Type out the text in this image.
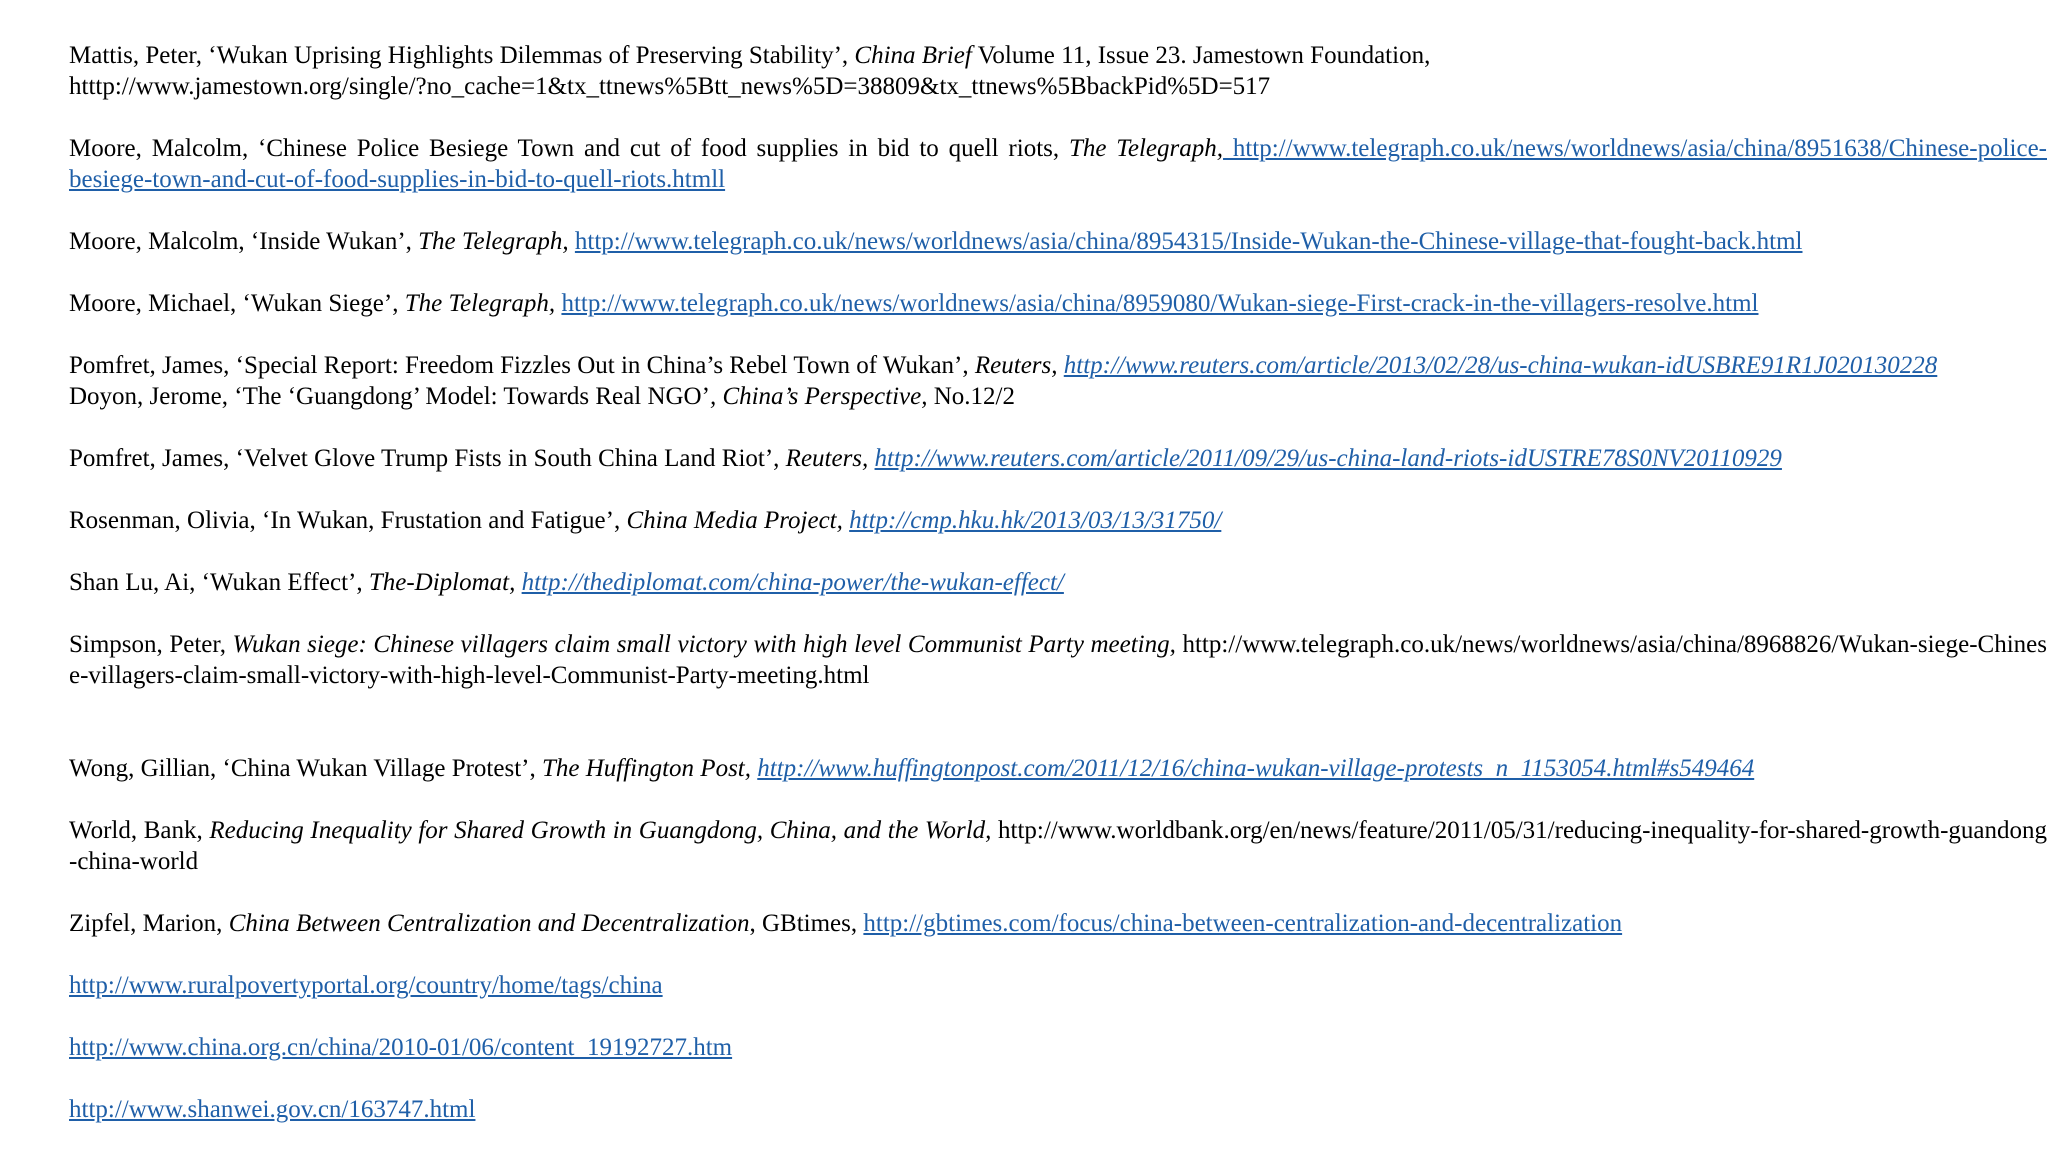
Mattis, Peter, ‘Wukan Uprising Highlights Dilemmas of Preserving Stability’, China Brief Volume 11, Issue 23. Jamestown Foundation,
htttp://www.jamestown.org/single/?no_cache=1&tx_ttnews%5Btt_news%5D=38809&tx_ttnews%5BbackPid%5D=517

Moore, Malcolm, ‘Chinese Police Besiege Town and cut of food supplies in bid to quell riots, The Telegraph, http://www.telegraph.co.uk/news/worldnews/asia/china/8951638/Chinese-police-besiege-town-and-cut-of-food-supplies-in-bid-to-quell-riots.htmll

Moore, Malcolm, ‘Inside Wukan’, The Telegraph, http://www.telegraph.co.uk/news/worldnews/asia/china/8954315/Inside-Wukan-the-Chinese-village-that-fought-back.html

Moore, Michael, ‘Wukan Siege’, The Telegraph, http://www.telegraph.co.uk/news/worldnews/asia/china/8959080/Wukan-siege-First-crack-in-the-villagers-resolve.html

Pomfret, James, ‘Special Report: Freedom Fizzles Out in China’s Rebel Town of Wukan’, Reuters, http://www.reuters.com/article/2013/02/28/us-china-wukan-idUSBRE91R1J020130228

Doyon, Jerome, ‘The ‘Guangdong’ Model: Towards Real NGO’, China’s Perspective, No.12/2

Pomfret, James, ‘Velvet Glove Trump Fists in South China Land Riot’, Reuters, http://www.reuters.com/article/2011/09/29/us-china-land-riots-idUSTRE78S0NV20110929

Rosenman, Olivia, ‘In Wukan, Frustation and Fatigue’, China Media Project, http://cmp.hku.hk/2013/03/13/31750/

Shan Lu, Ai, ‘Wukan Effect’, The-Diplomat, http://thediplomat.com/china-power/the-wukan-effect/

Simpson, Peter, Wukan siege: Chinese villagers claim small victory with high level Communist Party meeting, http://www.telegraph.co.uk/news/worldnews/asia/china/8968826/Wukan-siege-Chinese-villagers-claim-small-victory-with-high-level-Communist-Party-meeting.html

Wong, Gillian, ‘China Wukan Village Protest’, The Huffington Post, http://www.huffingtonpost.com/2011/12/16/china-wukan-village-protests_n_1153054.html#s549464

World, Bank, Reducing Inequality for Shared Growth in Guangdong, China, and the World, http://www.worldbank.org/en/news/feature/2011/05/31/reducing-inequality-for-shared-growth-guandong-china-world

Zipfel, Marion, China Between Centralization and Decentralization, GBtimes, http://gbtimes.com/focus/china-between-centralization-and-decentralization

http://www.ruralpovertyportal.org/country/home/tags/china

http://www.china.org.cn/china/2010-01/06/content_19192727.htm

http://www.shanwei.gov.cn/163747.html
